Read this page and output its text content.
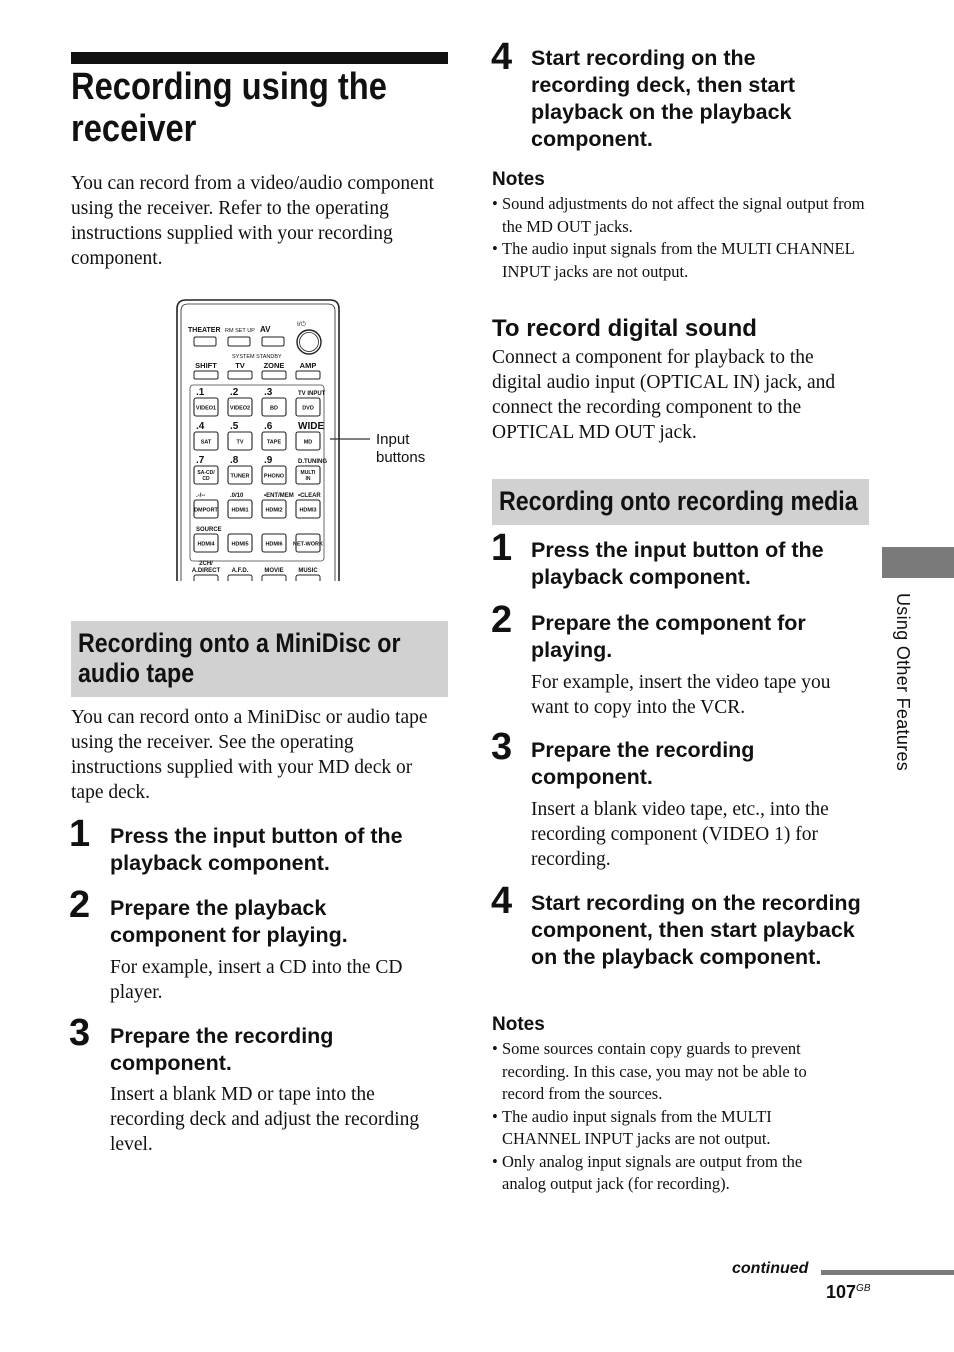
Recording using the receiver
You can record from a video/audio component using the receiver. Refer to the operating instructions supplied with your recording component.
THEATER RM SET UP AV
I/⏻
SYSTEM STANDBY
SHIFT TV	ZONE AMP
.1	.2	.3	TV INPUT
VIDEO1	VIDEO2	BD	DVD
.4	.5	.6	WIDE
SAT	TV	TAPE	MD
.7	.8	.9	D.TUNING
SA-CD/
CD	TUNER	PHONO
MULTI
IN
.-/--	.0/10	•ENT/MEM •CLEAR
DMPORT HDMI1	HDMI2	HDMI3
SOURCE
HDMI4	HDMI5	HDMI6 NET-WORK
2CH/
A.DIRECT A.F.D.	MOVIE MUSIC
Input
buttons
Recording onto a MiniDisc or
audio tape
You can record onto a MiniDisc or audio tape using the receiver. See the operating instructions supplied with your MD deck or tape deck.
1 Press the input button of the playback component.
2 Prepare the playback component for playing.
For example, insert a CD into the CD player.
3 Prepare the recording component.
Insert a blank MD or tape into the recording deck and adjust the recording level.
4 Start recording on the recording deck, then start playback on the playback component.
Notes
• Sound adjustments do not affect the signal output from the MD OUT jacks.
• The audio input signals from the MULTI CHANNEL INPUT jacks are not output.
To record digital sound
Connect a component for playback to the digital audio input (OPTICAL IN) jack, and connect the recording component to the OPTICAL MD OUT jack.
Recording onto recording media
1 Press the input button of the playback component.
2 Prepare the component for playing.
For example, insert the video tape you want to copy into the VCR.
3 Prepare the recording component.
Insert a blank video tape, etc., into the recording component (VIDEO 1) for recording.
4 Start recording on the recording component, then start playback on the playback component.
Notes
• Some sources contain copy guards to prevent recording. In this case, you may not be able to record from the sources.
• The audio input signals from the MULTI CHANNEL INPUT jacks are not output.
• Only analog input signals are output from the analog output jack (for recording).
Using Other Features
continued
$107^{GB}$
